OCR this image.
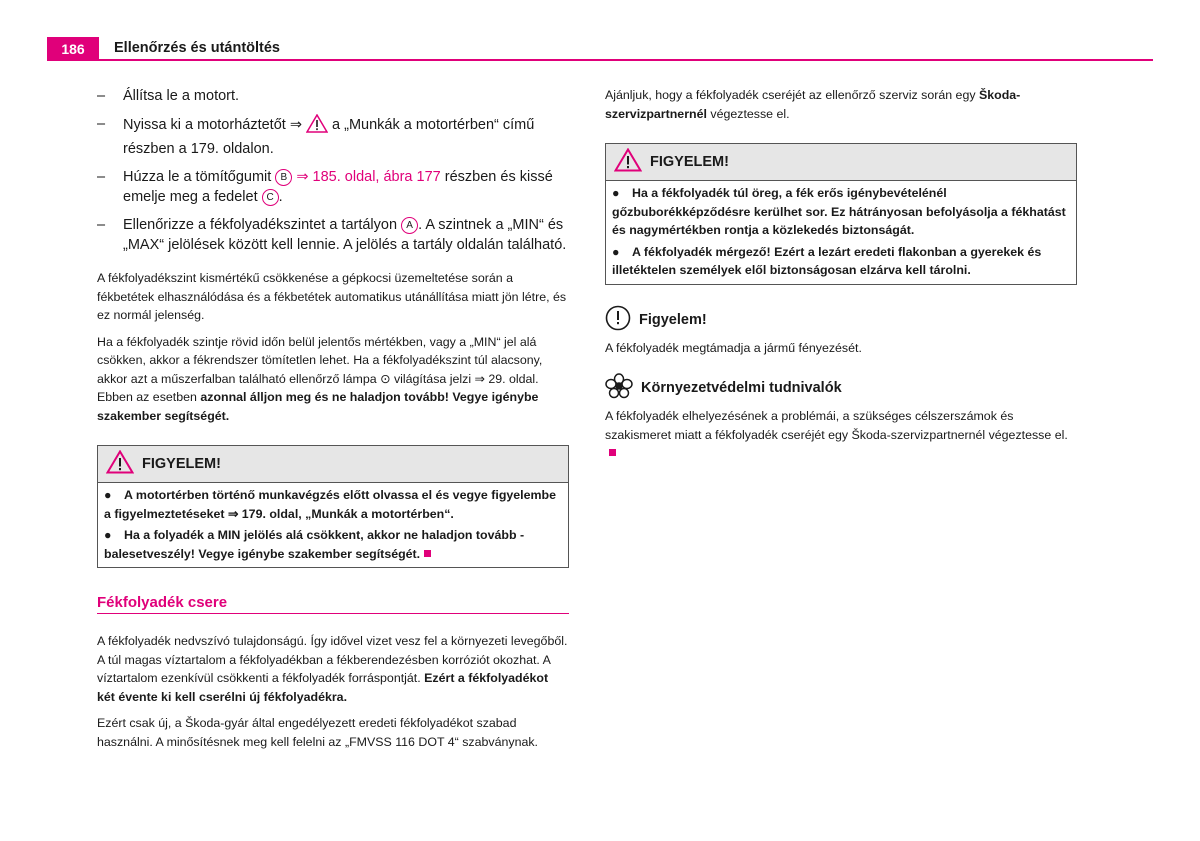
186	Ellenőrzés és utántöltés
– Állítsa le a motort.
– Nyissa ki a motorháztetőt ⇒ a „Munkák a motortérben“ című részben a 179. oldalon.
– Húzza le a tömítőgumit B ⇒ 185. oldal, ábra 177 részben és kissé emelje meg a fedelet C .
– Ellenőrizze a fékfolyadékszintet a tartályon A . A szintnek a „MIN“ és „MAX“ jelölések között kell lennie. A jelölés a tartály oldalán található.

A fékfolyadékszint kismértékű csökkenése a gépkocsi üzemeltetése során a fékbetétek elhasználódása és a fékbetétek automatikus utánállítása miatt jön létre, és ez normál jelenség.

Ha a fékfolyadék szintje rövid időn belül jelentős mértékben, vagy a „MIN“ jel alá csökken, akkor a fékrendszer tömítetlen lehet. Ha a fékfolyadékszint túl alacsony, akkor azt a műszerfalban található ellenőrző lámpa ⊙ világítása jelzi ⇒ 29. oldal. Ebben az esetben azonnal álljon meg és ne haladjon tovább! Vegye igénybe szakember segítségét.

FIGYELEM!
● A motortérben történő munkavégzés előtt olvassa el és vegye figyelembe a figyelmeztetéseket ⇒ 179. oldal, „Munkák a motortérben“.
● Ha a folyadék a MIN jelölés alá csökkent, akkor ne haladjon tovább - balesetveszély! Vegye igénybe szakember segítségét.
Fékfolyadék csere

A fékfolyadék nedvszívó tulajdonságú. Így idővel vizet vesz fel a környezeti levegőből. A túl magas víztartalom a fékfolyadékban a fékberendezésben korróziót okozhat. A víztartalom ezenkívül csökkenti a fékfolyadék forráspontját. Ezért a fékfolyadékot két évente ki kell cserélni új fékfolyadékra.

Ezért csak új, a Škoda-gyár által engedélyezett eredeti fékfolyadékot szabad használni. A minősítésnek meg kell felelni az „FMVSS 116 DOT 4“ szabványnak.

Ajánljuk, hogy a fékfolyadék cseréjét az ellenőrző szerviz során egy Škoda-szervizpartnernél végeztesse el.

FIGYELEM!
● Ha a fékfolyadék túl öreg, a fék erős igénybevételénél gőzbuborékképződésre kerülhet sor. Ez hátrányosan befolyásolja a fékhatást és nagymértékben rontja a közlekedés biztonságát.
● A fékfolyadék mérgező! Ezért a lezárt eredeti flakonban a gyerekek és illetéktelen személyek elől biztonságosan elzárva kell tárolni.
Figyelem!

A fékfolyadék megtámadja a jármű fényezését.

Környezetvédelmi tudnivalók

A fékfolyadék elhelyezésének a problémái, a szükséges célszerszámok és szakismeret miatt a fékfolyadék cseréjét egy Škoda-szervizpartnernél végeztesse el.
